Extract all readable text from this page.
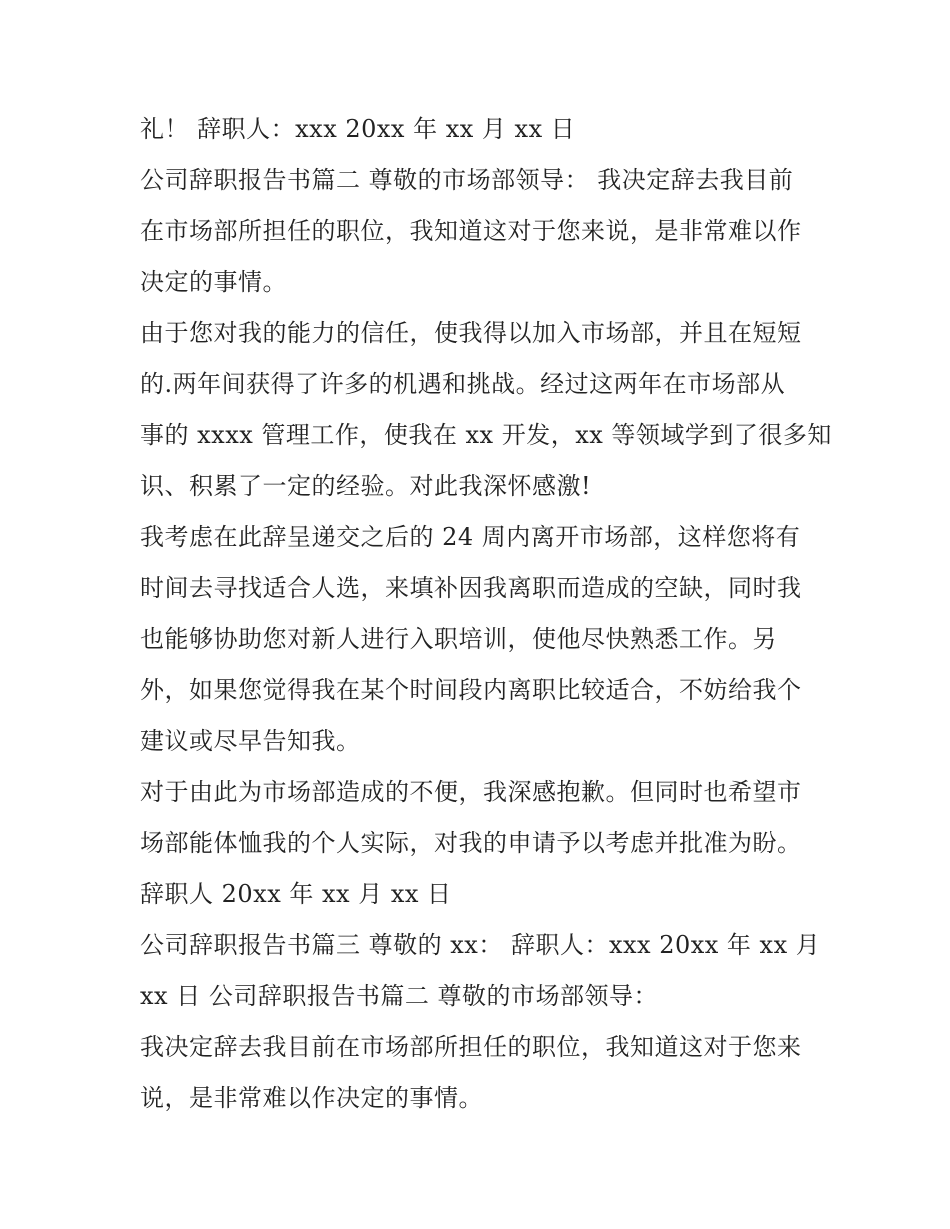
礼！ 辞职人：xxx 20xx 年 xx 月 xx 日
公司辞职报告书篇二 尊敬的市场部领导： 我决定辞去我目前
在市场部所担任的职位，我知道这对于您来说，是非常难以作
决定的事情。
由于您对我的能力的信任，使我得以加入市场部，并且在短短
的.两年间获得了许多的机遇和挑战。经过这两年在市场部从
事的 xxxx 管理工作，使我在 xx 开发，xx 等领域学到了很多知
识、积累了一定的经验。对此我深怀感激!
我考虑在此辞呈递交之后的 24 周内离开市场部，这样您将有
时间去寻找适合人选，来填补因我离职而造成的空缺，同时我
也能够协助您对新人进行入职培训，使他尽快熟悉工作。另
外，如果您觉得我在某个时间段内离职比较适合，不妨给我个
建议或尽早告知我。
对于由此为市场部造成的不便，我深感抱歉。但同时也希望市
场部能体恤我的个人实际，对我的申请予以考虑并批准为盼。
辞职人 20xx 年 xx 月 xx 日
公司辞职报告书篇三 尊敬的 xx： 辞职人：xxx 20xx 年 xx 月
xx 日 公司辞职报告书篇二 尊敬的市场部领导：
我决定辞去我目前在市场部所担任的职位，我知道这对于您来
说，是非常难以作决定的事情。
